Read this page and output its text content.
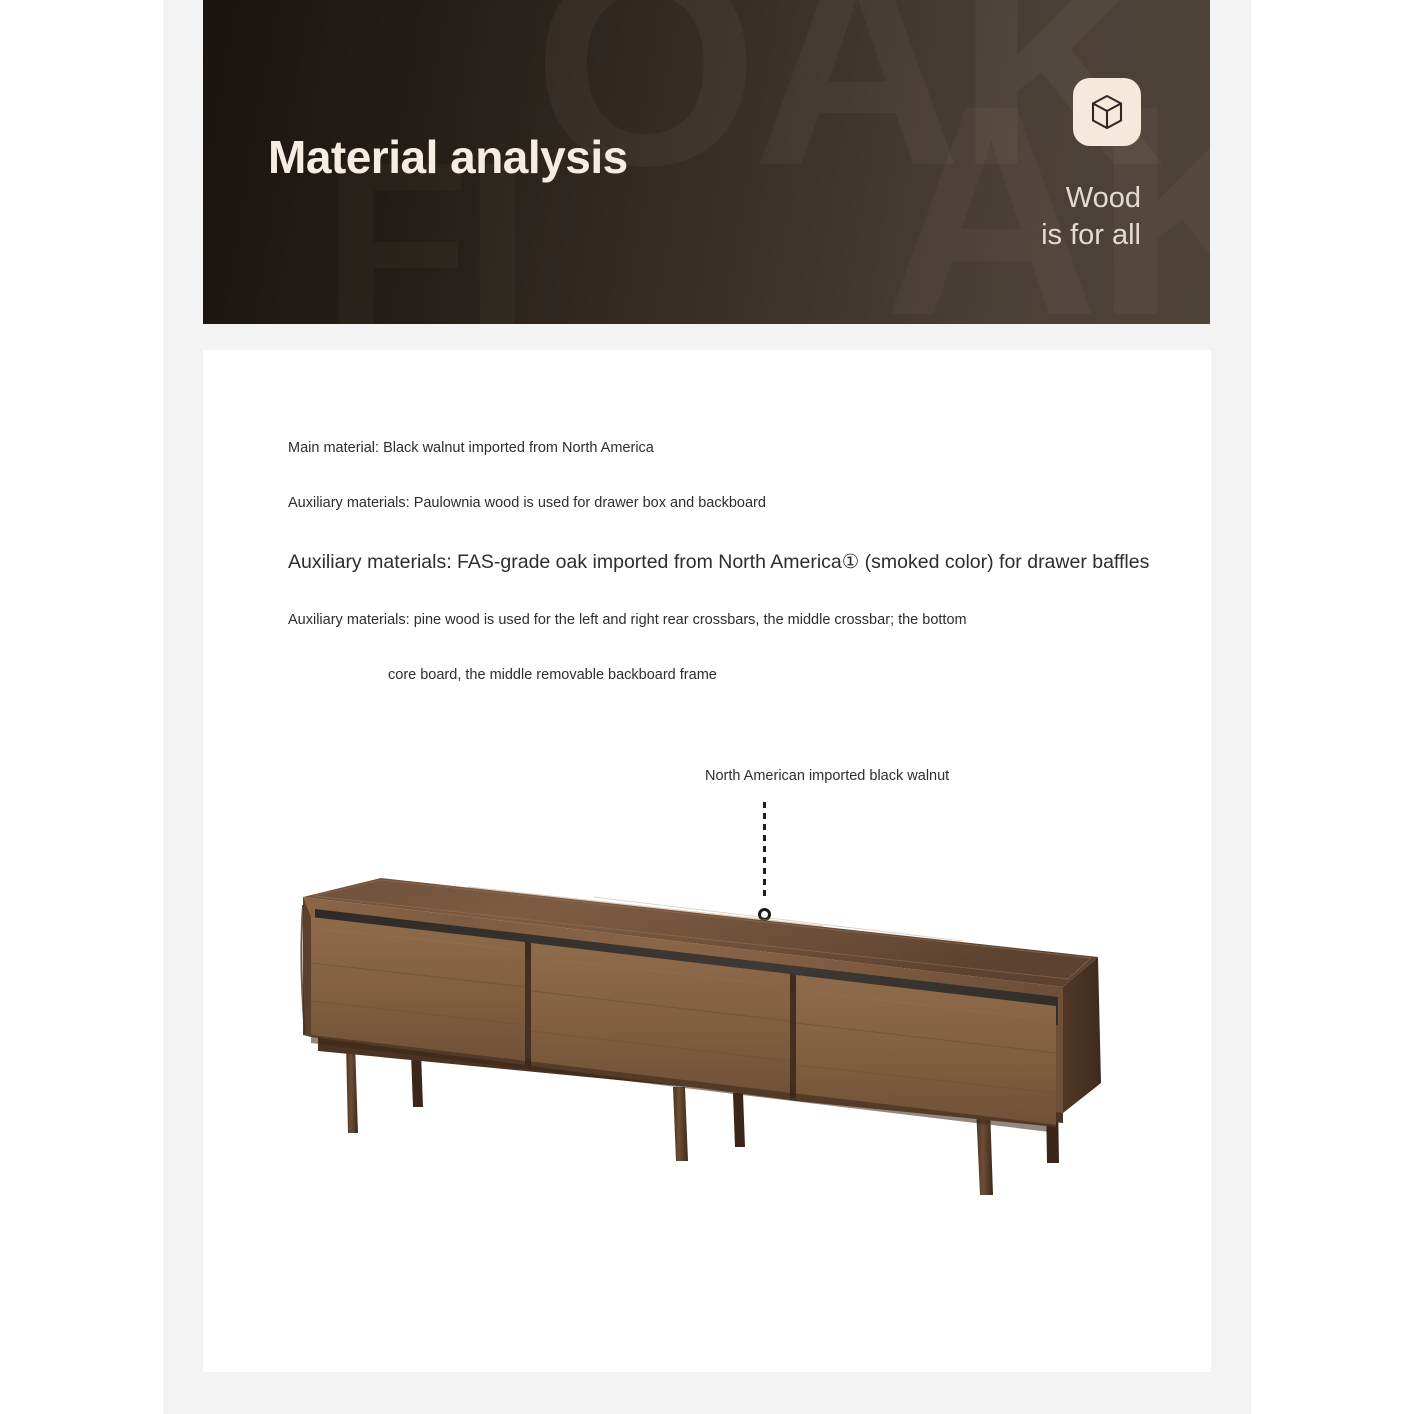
Material analysis
Wood
is for all

Main material: Black walnut imported from North America

Auxiliary materials: Paulownia wood is used for drawer box and backboard

Auxiliary materials: FAS-grade oak imported from North America① (smoked color) for drawer baffles

Auxiliary materials: pine wood is used for the left and right rear crossbars, the middle crossbar; the bottom

core board, the middle removable backboard frame

North American imported black walnut
